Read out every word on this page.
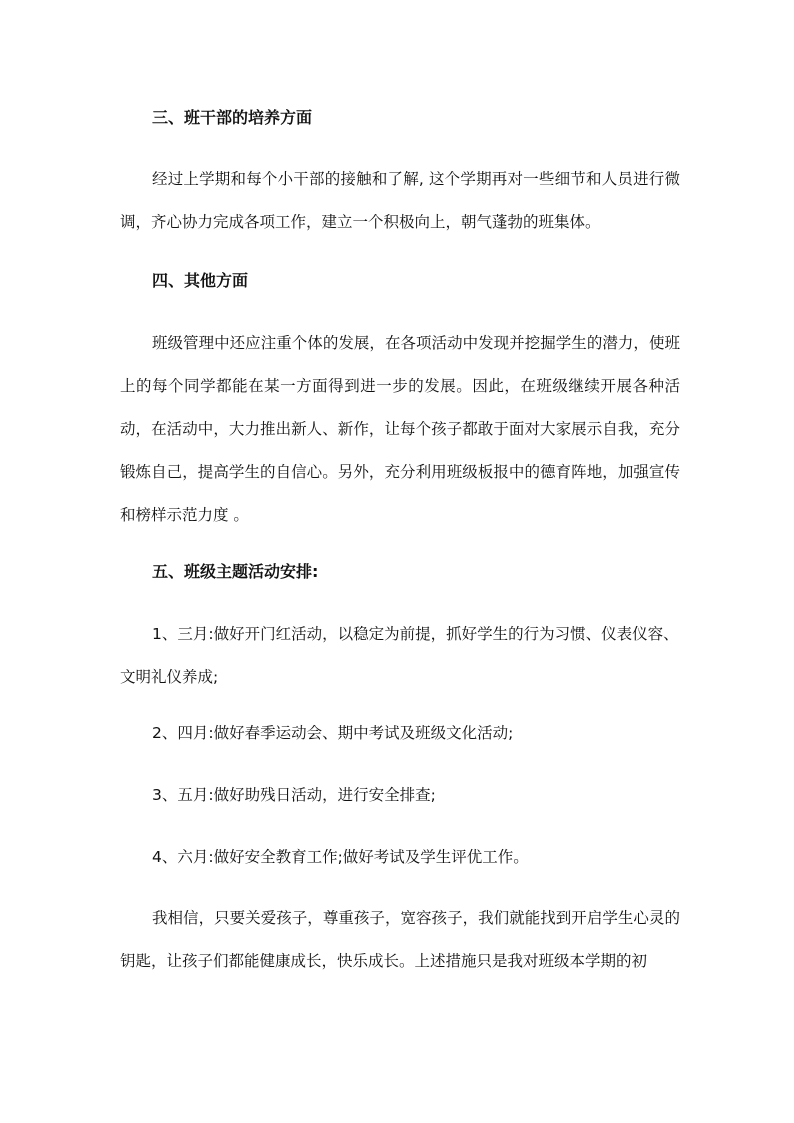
三、班干部的培养方面

经过上学期和每个小干部的接触和了解, 这个学期再对一些细节和人员进行微调，齐心协力完成各项工作，建立一个积极向上，朝气蓬勃的班集体。

四、其他方面

班级管理中还应注重个体的发展，在各项活动中发现并挖掘学生的潜力，使班上的每个同学都能在某一方面得到进一步的发展。因此，在班级继续开展各种活动，在活动中，大力推出新人、新作，让每个孩子都敢于面对大家展示自我，充分锻炼自己，提高学生的自信心。另外，充分利用班级板报中的德育阵地，加强宣传和榜样示范力度 。

五、班级主题活动安排:

1、三月:做好开门红活动，以稳定为前提，抓好学生的行为习惯、仪表仪容、文明礼仪养成;

2、四月:做好春季运动会、期中考试及班级文化活动;

3、五月:做好助残日活动，进行安全排查;

4、六月:做好安全教育工作;做好考试及学生评优工作。

我相信，只要关爱孩子，尊重孩子，宽容孩子，我们就能找到开启学生心灵的钥匙，让孩子们都能健康成长，快乐成长。上述措施只是我对班级本学期的初
